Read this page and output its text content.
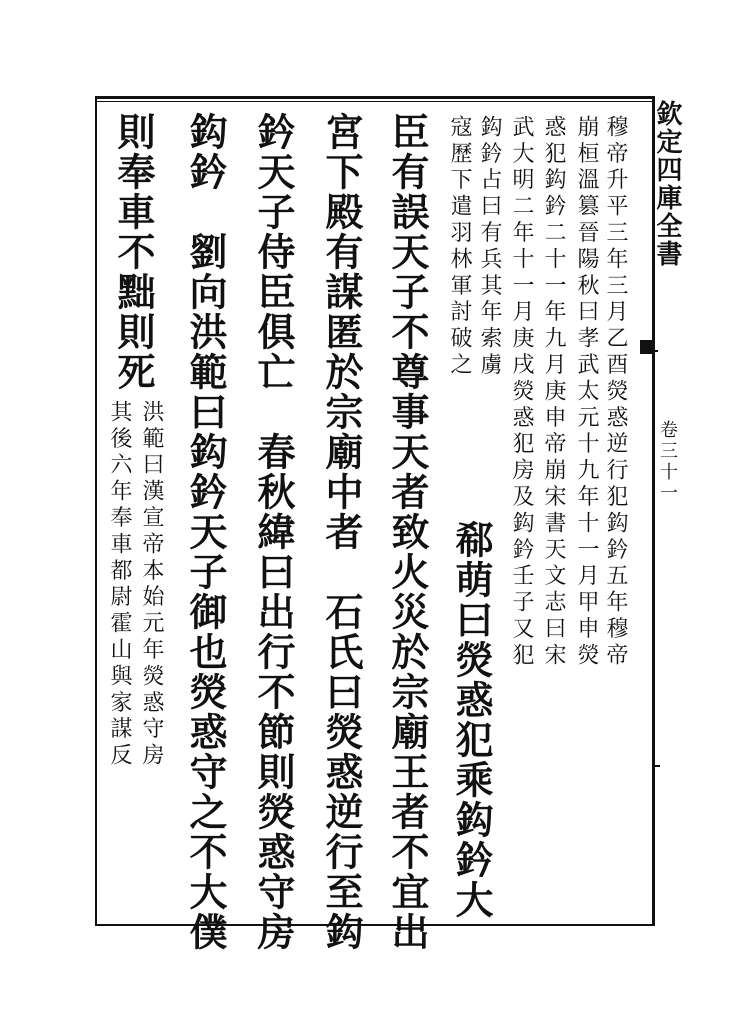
欽定四庫全書
卷三十一
穆帝升平三年三月乙酉熒惑逆行犯鈎鈐五年穆帝
崩桓溫篡晉陽秋曰孝武太元十九年十一月甲申熒
惑犯鈎鈐二十一年九月庚申帝崩宋書天文志曰宋
武大明二年十一月庚戌熒惑犯房及鈎鈐壬子又犯
鈎鈐占曰有兵其年索虜
寇歷下遣羽林軍討破之
郗萌曰熒惑犯乘鈎鈐大
臣有誤天子不尊事天者致火災於宗廟王者不宜出
宮下殿有謀匿於宗廟中者　石氏曰熒惑逆行至鈎
鈐天子侍臣俱亡　春秋緯曰出行不節則熒惑守房
鈎鈐　劉向洪範曰鈎鈐天子御也熒惑守之不大僕
則奉車不黜則死
洪範曰漢宣帝本始元年熒惑守房
其後六年奉車都尉霍山與家謀反
